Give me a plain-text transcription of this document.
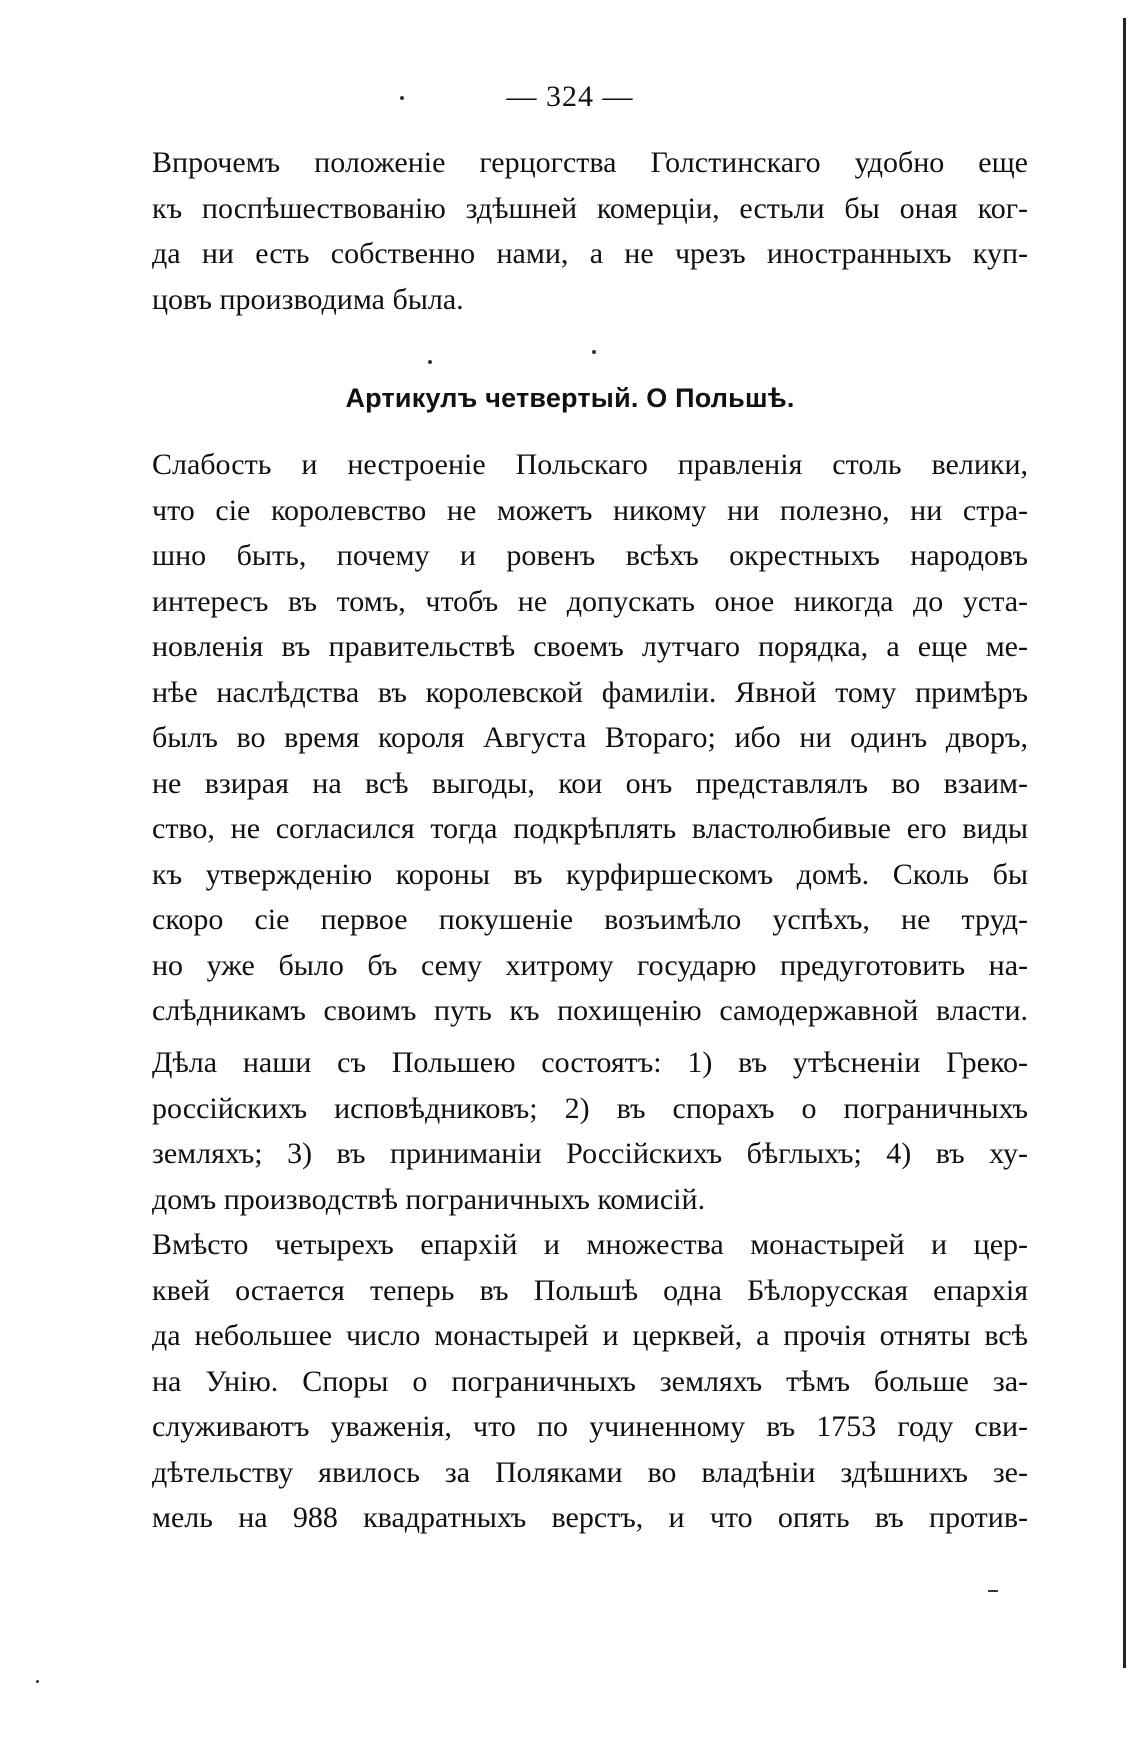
— 324 —
Впрочемъ положеніе герцогства Голстинскаго удобно еще
къ поспѣшествованію здѣшней комерціи, естьли бы оная ког-
да ни есть собственно нами, а не чрезъ иностранныхъ куп-
цовъ производима была.
Артикулъ четвертый. О Польшѣ.
Слабость и нестроеніе Польскаго правленія столь велики,
что сіе королевство не можетъ никому ни полезно, ни стра-
шно быть, почему и ровенъ всѣхъ окрестныхъ народовъ
интересъ въ томъ, чтобъ не допускать оное никогда до уста-
новленія въ правительствѣ своемъ лутчаго порядка, а еще ме-
нѣе наслѣдства въ королевской фамиліи. Явной тому примѣръ
былъ во время короля Августа Втораго; ибо ни одинъ дворъ,
не взирая на всѣ выгоды, кои онъ представлялъ во взаим-
ство, не согласился тогда подкрѣплять властолюбивые его виды
къ утвержденію короны въ курфиршескомъ домѣ. Сколь бы
скоро сіе первое покушеніе возъимѣло успѣхъ, не труд-
но уже было бъ сему хитрому государю предуготовить на-
слѣдникамъ своимъ путь къ похищенію самодержавной власти.
Дѣла наши съ Польшею состоятъ: 1) въ утѣсненіи Греко-
россійскихъ исповѣдниковъ; 2) въ спорахъ о пограничныхъ
земляхъ; 3) въ приниманіи Россійскихъ бѣглыхъ; 4) въ ху-
домъ производствѣ пограничныхъ комисій.
Вмѣсто четырехъ епархій и множества монастырей и цер-
квей остается теперь въ Польшѣ одна Бѣлорусская епархія
да небольшее число монастырей и церквей, а прочія отняты всѣ
на Унію. Споры о пограничныхъ земляхъ тѣмъ больше за-
служиваютъ уваженія, что по учиненному въ 1753 году сви-
дѣтельству явилось за Поляками во владѣніи здѣшнихъ зе-
мель на 988 квадратныхъ верстъ, и что опять въ против-
